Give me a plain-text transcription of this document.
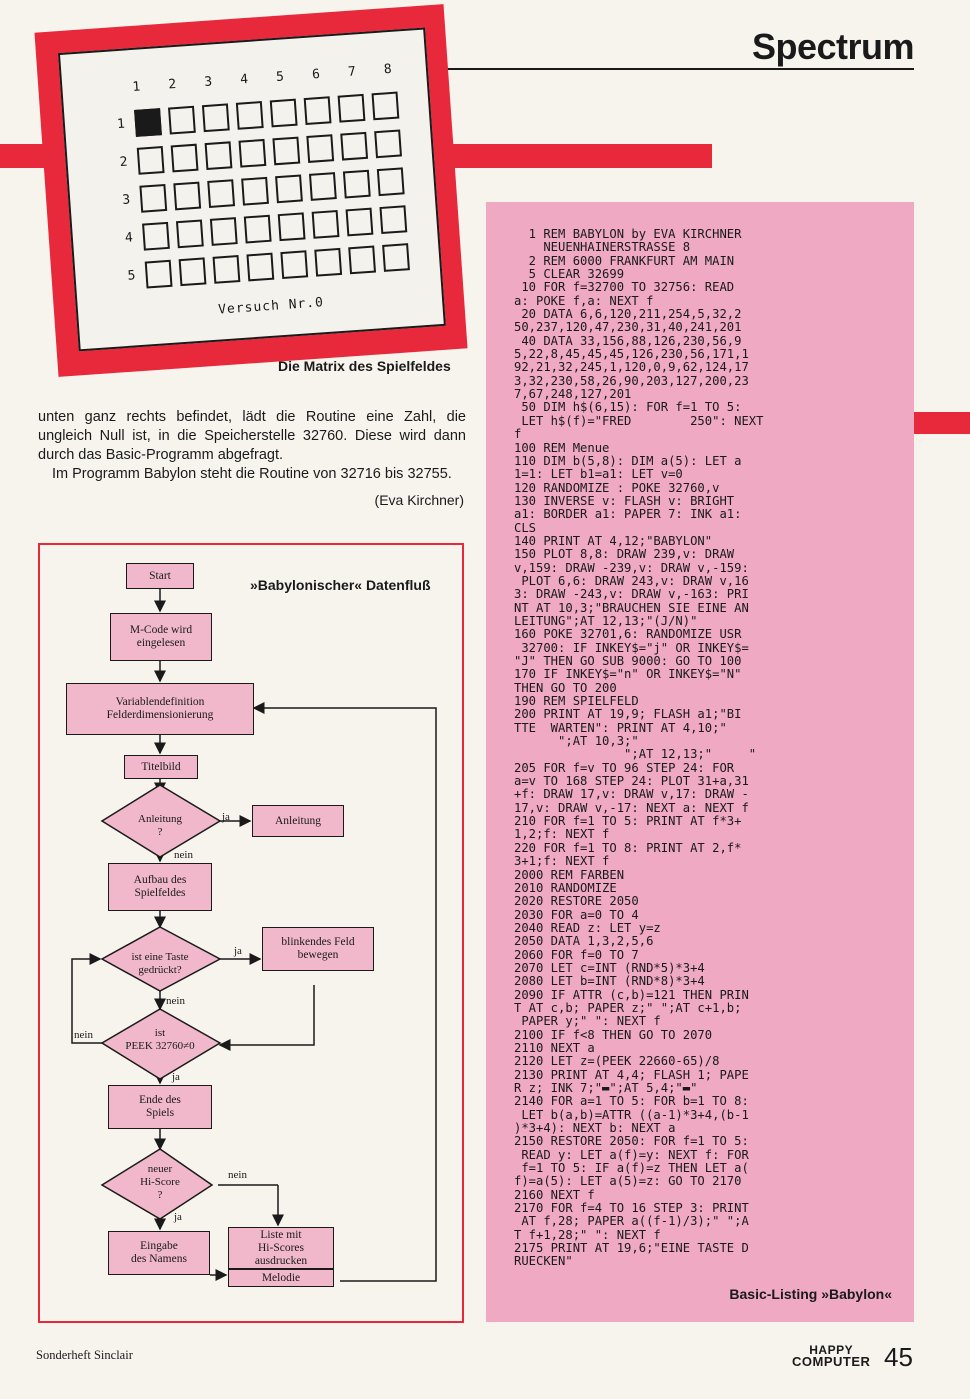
Spectrum
1	2	3	4	5	6	7	8
1
2
3
4
5
Versuch Nr.0
Die Matrix des Spielfeldes

unten ganz rechts befindet, lädt die Routine eine Zahl, die ungleich Null ist, in die Speicherstelle 32760. Diese wird dann durch das Basic-Programm abgefragt.

Im Programm Babylon steht die Routine von 32716 bis 32755.

(Eva Kirchner)
»Babylonischer« Datenfluß
Start
M-Code wird
eingelesen
Variablendefinition
Felderdimensionierung
Titelbild
Anleitung
?
Anleitung
Aufbau des
Spielfeldes
ist eine Taste
gedrückt?
blinkendes Feld
bewegen
ist
PEEK 32760≠0
Ende des
Spiels
neuer
Hi-Score
?
Eingabe
des Namens
Liste mit
Hi-Scores
ausdrucken
Melodie
ja
nein
ja
nein
nein
ja
nein
ja
1 REM BABYLON by EVA KIRCHNER
NEUENHAINERSTRASSE 8
2 REM 6000 FRANKFURT AM MAIN
5 CLEAR 32699
10 FOR f=32700 TO 32756: READ
a: POKE f,a: NEXT f
20 DATA 6,6,120,211,254,5,32,2
50,237,120,47,230,31,40,241,201
40 DATA 33,156,88,126,230,56,9
5,22,8,45,45,45,126,230,56,171,1
92,21,32,245,1,120,0,9,62,124,17
3,32,230,58,26,90,203,127,200,23
7,67,248,127,201
50 DIM h$(6,15): FOR f=1 TO 5:
LET h$(f)="FRED        250": NEXT
f
100 REM Menue
110 DIM b(5,8): DIM a(5): LET a
1=1: LET b1=a1: LET v=0
120 RANDOMIZE : POKE 32760,v
130 INVERSE v: FLASH v: BRIGHT
a1: BORDER a1: PAPER 7: INK a1:
CLS
140 PRINT AT 4,12;"BABYLON"
150 PLOT 8,8: DRAW 239,v: DRAW
v,159: DRAW -239,v: DRAW v,-159:
PLOT 6,6: DRAW 243,v: DRAW v,16
3: DRAW -243,v: DRAW v,-163: PRI
NT AT 10,3;"BRAUCHEN SIE EINE AN
LEITUNG";AT 12,13;"(J/N)"
160 POKE 32701,6: RANDOMIZE USR
32700: IF INKEY$="j" OR INKEY$=
"J" THEN GO SUB 9000: GO TO 100
170 IF INKEY$="n" OR INKEY$="N"
THEN GO TO 200
190 REM SPIELFELD
200 PRINT AT 19,9; FLASH a1;"BI
TTE  WARTEN": PRINT AT 4,10;"
";AT 10,3;"
";AT 12,13;"     "
205 FOR f=v TO 96 STEP 24: FOR
a=v TO 168 STEP 24: PLOT 31+a,31
+f: DRAW 17,v: DRAW v,17: DRAW -
17,v: DRAW v,-17: NEXT a: NEXT f
210 FOR f=1 TO 5: PRINT AT f*3+
1,2;f: NEXT f
220 FOR f=1 TO 8: PRINT AT 2,f*
3+1;f: NEXT f
2000 REM FARBEN
2010 RANDOMIZE
2020 RESTORE 2050
2030 FOR a=0 TO 4
2040 READ z: LET y=z
2050 DATA 1,3,2,5,6
2060 FOR f=0 TO 7
2070 LET c=INT (RND*5)*3+4
2080 LET b=INT (RND*8)*3+4
2090 IF ATTR (c,b)=121 THEN PRIN
T AT c,b; PAPER z;" ";AT c+1,b;
PAPER y;" ": NEXT f
2100 IF f<8 THEN GO TO 2070
2110 NEXT a
2120 LET z=(PEEK 22660-65)/8
2130 PRINT AT 4,4; FLASH 1; PAPE
R z; INK 7;"▬";AT 5,4;"▬"
2140 FOR a=1 TO 5: FOR b=1 TO 8:
LET b(a,b)=ATTR ((a-1)*3+4,(b-1
)*3+4): NEXT b: NEXT a
2150 RESTORE 2050: FOR f=1 TO 5:
READ y: LET a(f)=y: NEXT f: FOR
f=1 TO 5: IF a(f)=z THEN LET a(
f)=a(5): LET a(5)=z: GO TO 2170
2160 NEXT f
2170 FOR f=4 TO 16 STEP 3: PRINT
AT f,28; PAPER a((f-1)/3);" ";A
T f+1,28;" ": NEXT f
2175 PRINT AT 19,6;"EINE TASTE D
RUECKEN"
Basic-Listing »Babylon«
Sonderheft Sinclair	HAPPY
COMPUTER 45
